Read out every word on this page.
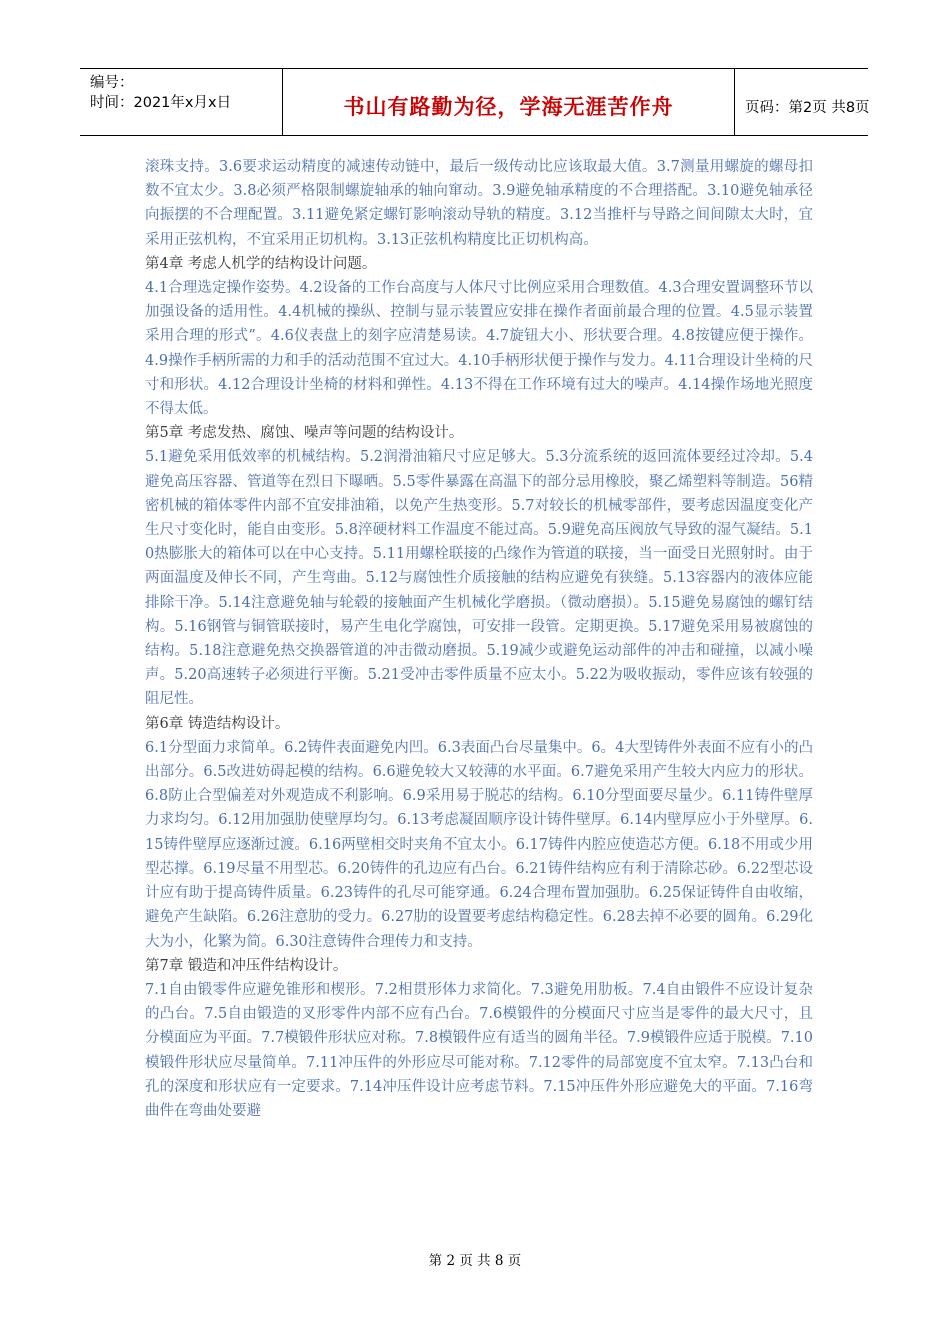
编号：
时间：2021年x月x日	书山有路勤为径，学海无涯苦作舟	页码：第2页 共8页

滚珠支持。3.6要求运动精度的减速传动链中，最后一级传动比应该取最大值。3.7测量用螺旋的螺母扣数不宜太少。3.8必须严格限制螺旋轴承的轴向窜动。3.9避免轴承精度的不合理搭配。3.10避免轴承径向振摆的不合理配置。3.11避免紧定螺钉影响滚动导轨的精度。3.12当推杆与导路之间间隙太大时，宜采用正弦机构，不宜采用正切机构。3.13正弦机构精度比正切机构高。

第4章 考虑人机学的结构设计问题。

4.1合理选定操作姿势。4.2设备的工作台高度与人体尺寸比例应采用合理数值。4.3合理安置调整环节以加强设备的适用性。4.4机械的操纵、控制与显示装置应安排在操作者面前最合理的位置。4.5显示装置采用合理的形式”。4.6仪表盘上的刻字应清楚易读。4.7旋钮大小、形状要合理。4.8按键应便于操作。4.9操作手柄所需的力和手的活动范围不宜过大。4.10手柄形状便于操作与发力。4.11合理设计坐椅的尺寸和形状。4.12合理设计坐椅的材料和弹性。4.13不得在工作环境有过大的噪声。4.14操作场地光照度不得太低。

第5章 考虑发热、腐蚀、噪声等问题的结构设计。

5.1避免采用低效率的机械结构。5.2润滑油箱尺寸应足够大。5.3分流系统的返回流体要经过冷却。5.4避免高压容器、管道等在烈日下曝晒。5.5零件暴露在高温下的部分忌用橡胶，聚乙烯塑料等制造。56精密机械的箱体零件内部不宜安排油箱，以免产生热变形。5.7对较长的机械零部件，要考虑因温度变化产生尺寸变化时，能自由变形。5.8淬硬材料工作温度不能过高。5.9避免高压阀放气导致的湿气凝结。5.10热膨胀大的箱体可以在中心支持。5.11用螺栓联接的凸缘作为管道的联接，当一面受日光照射时。由于两面温度及伸长不同，产生弯曲。5.12与腐蚀性介质接触的结构应避免有狭缝。5.13容器内的液体应能排除干净。5.14注意避免轴与轮毂的接触面产生机械化学磨损。（微动磨损）。5.15避免易腐蚀的螺钉结构。5.16钢管与铜管联接时，易产生电化学腐蚀，可安排一段管。定期更换。5.17避免采用易被腐蚀的结构。5.18注意避免热交换器管道的冲击微动磨损。5.19减少或避免运动部件的冲击和碰撞，以减小噪声。5.20高速转子必须进行平衡。5.21受冲击零件质量不应太小。5.22为吸收振动，零件应该有较强的阻尼性。

第6章 铸造结构设计。

6.1分型面力求简单。6.2铸件表面避免内凹。6.3表面凸台尽量集中。6。4大型铸件外表面不应有小的凸出部分。6.5改进妨碍起模的结构。6.6避免较大又较薄的水平面。6.7避免采用产生较大内应力的形状。6.8防止合型偏差对外观造成不利影响。6.9采用易于脱芯的结构。6.10分型面要尽量少。6.11铸件壁厚力求均匀。6.12用加强肋使壁厚均匀。6.13考虑凝固顺序设计铸件壁厚。6.14内壁厚应小于外壁厚。6.15铸件壁厚应逐渐过渡。6.16两壁相交时夹角不宜太小。6.17铸件内腔应使造芯方便。6.18不用或少用型芯撑。6.19尽量不用型芯。6.20铸件的孔边应有凸台。6.21铸件结构应有利于清除芯砂。6.22型芯设计应有助于提高铸件质量。6.23铸件的孔尽可能穿通。6.24合理布置加强肋。6.25保证铸件自由收缩，避免产生缺陷。6.26注意肋的受力。6.27肋的设置要考虑结构稳定性。6.28去掉不必要的圆角。6.29化大为小，化繁为简。6.30注意铸件合理传力和支持。

第7章 锻造和冲压件结构设计。

7.1自由锻零件应避免锥形和楔形。7.2相贯形体力求简化。7.3避免用肋板。7.4自由锻件不应设计复杂的凸台。7.5自由锻造的叉形零件内部不应有凸台。7.6模锻件的分模面尺寸应当是零件的最大尺寸，且分模面应为平面。7.7模锻件形状应对称。7.8模锻件应有适当的圆角半径。7.9模锻件应适于脱模。7.10模锻件形状应尽量简单。7.11冲压件的外形应尽可能对称。7.12零件的局部宽度不宜太窄。7.13凸台和孔的深度和形状应有一定要求。7.14冲压件设计应考虑节料。7.15冲压件外形应避免大的平面。7.16弯曲件在弯曲处要避

第 2 页 共 8 页
